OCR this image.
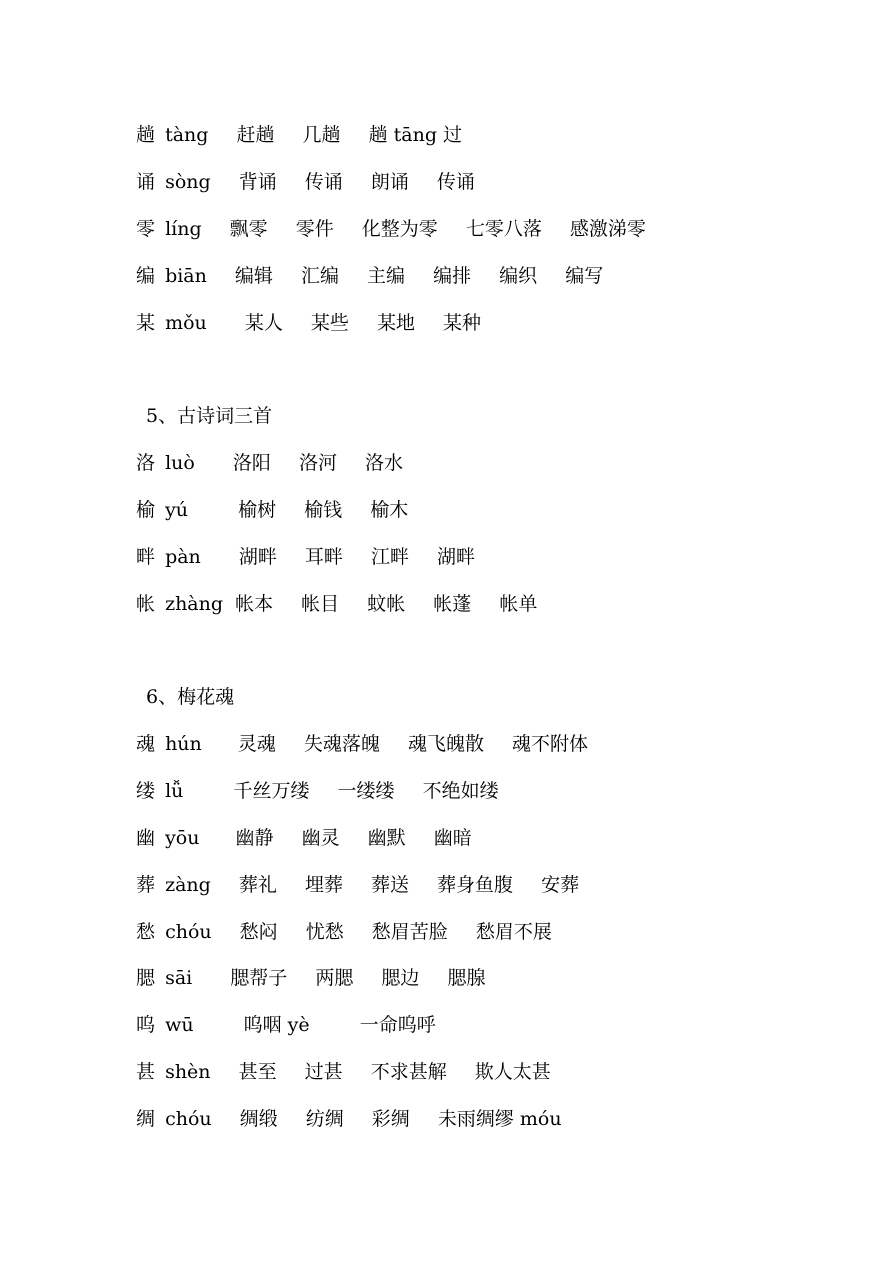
趟 tàng 赶趟 几趟 趟 tāng 过
诵 sòng 背诵 传诵 朗诵 传诵
零 líng 飘零 零件 化整为零 七零八落 感激涕零
编 biān 编辑 汇编 主编 编排 编织 编写
某 mǒu 某人 某些 某地 某种
5、古诗词三首
洛 luò 洛阳 洛河 洛水
榆 yú	榆树 榆钱 榆木
畔 pàn 湖畔 耳畔 江畔 湖畔
帐 zhàng 帐本 帐目 蚊帐 帐蓬 帐单
6、梅花魂
魂 hún 灵魂 失魂落魄 魂飞魄散 魂不附体
缕 lǚ	千丝万缕 一缕缕 不绝如缕
幽 yōu 幽静 幽灵 幽默 幽暗
葬 zàng 葬礼 埋葬 葬送 葬身鱼腹 安葬
愁 chóu 愁闷 忧愁 愁眉苦脸 愁眉不展
腮 sāi 腮帮子 两腮 腮边 腮腺
呜 wū	呜咽 yè	一命呜呼
甚 shèn 甚至 过甚 不求甚解 欺人太甚
绸 chóu 绸缎 纺绸 彩绸 未雨绸缪 móu
